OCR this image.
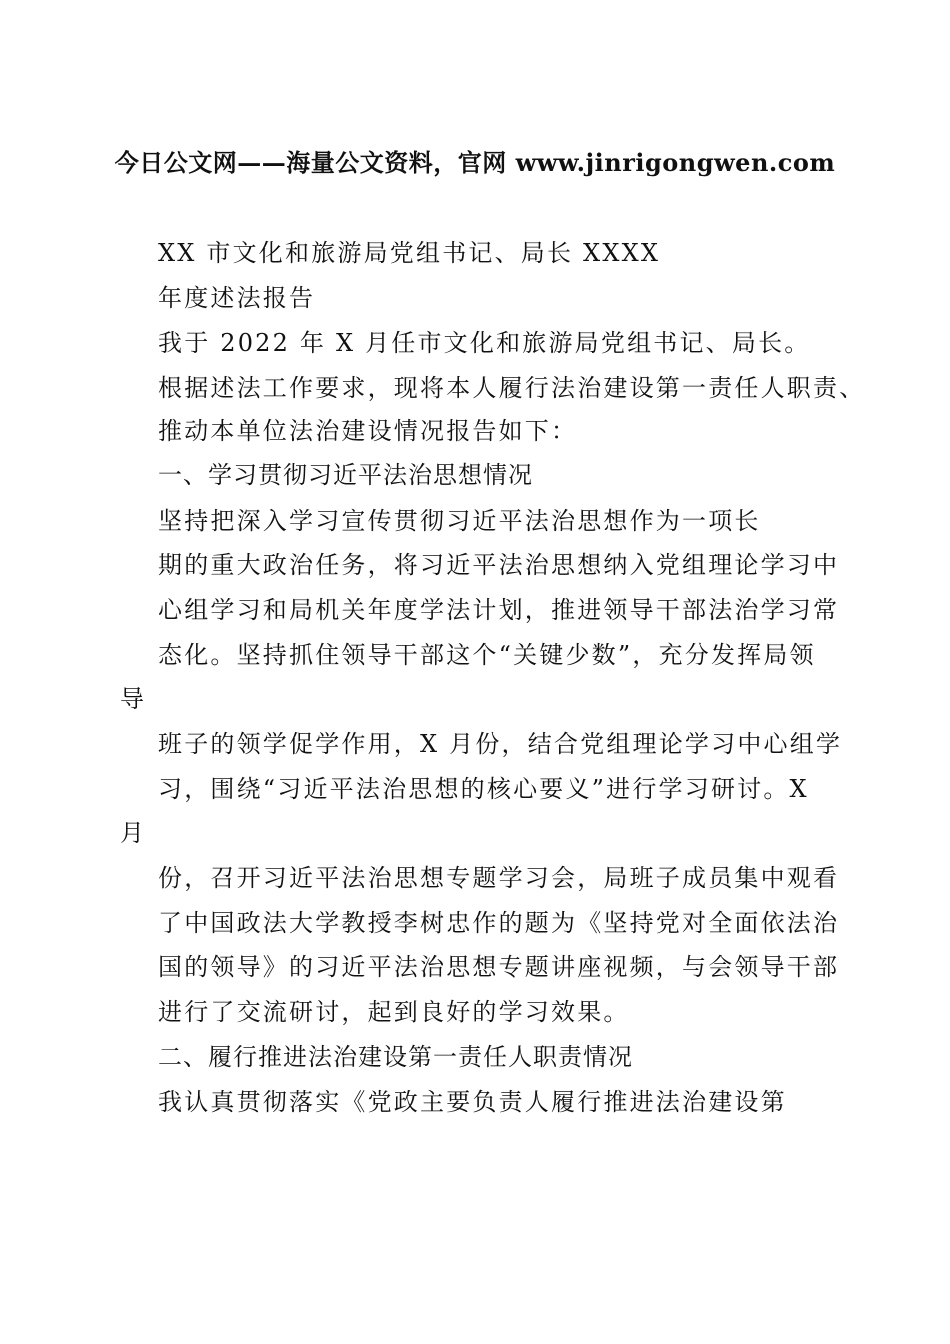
今日公文网——海量公文资料，官网 www.jinrigongwen.com
XX 市文化和旅游局党组书记、局长 XXXX
年度述法报告
我于 2022 年 X 月任市文化和旅游局党组书记、局长。
根据述法工作要求，现将本人履行法治建设第一责任人职责、
推动本单位法治建设情况报告如下：
一、学习贯彻习近平法治思想情况
坚持把深入学习宣传贯彻习近平法治思想作为一项长
期的重大政治任务，将习近平法治思想纳入党组理论学习中
心组学习和局机关年度学法计划，推进领导干部法治学习常
态化。坚持抓住领导干部这个“关键少数”，充分发挥局领
导
班子的领学促学作用，X 月份，结合党组理论学习中心组学
习，围绕“习近平法治思想的核心要义”进行学习研讨。X
月
份，召开习近平法治思想专题学习会，局班子成员集中观看
了中国政法大学教授李树忠作的题为《坚持党对全面依法治
国的领导》的习近平法治思想专题讲座视频，与会领导干部
进行了交流研讨，起到良好的学习效果。
二、履行推进法治建设第一责任人职责情况
我认真贯彻落实《党政主要负责人履行推进法治建设第
